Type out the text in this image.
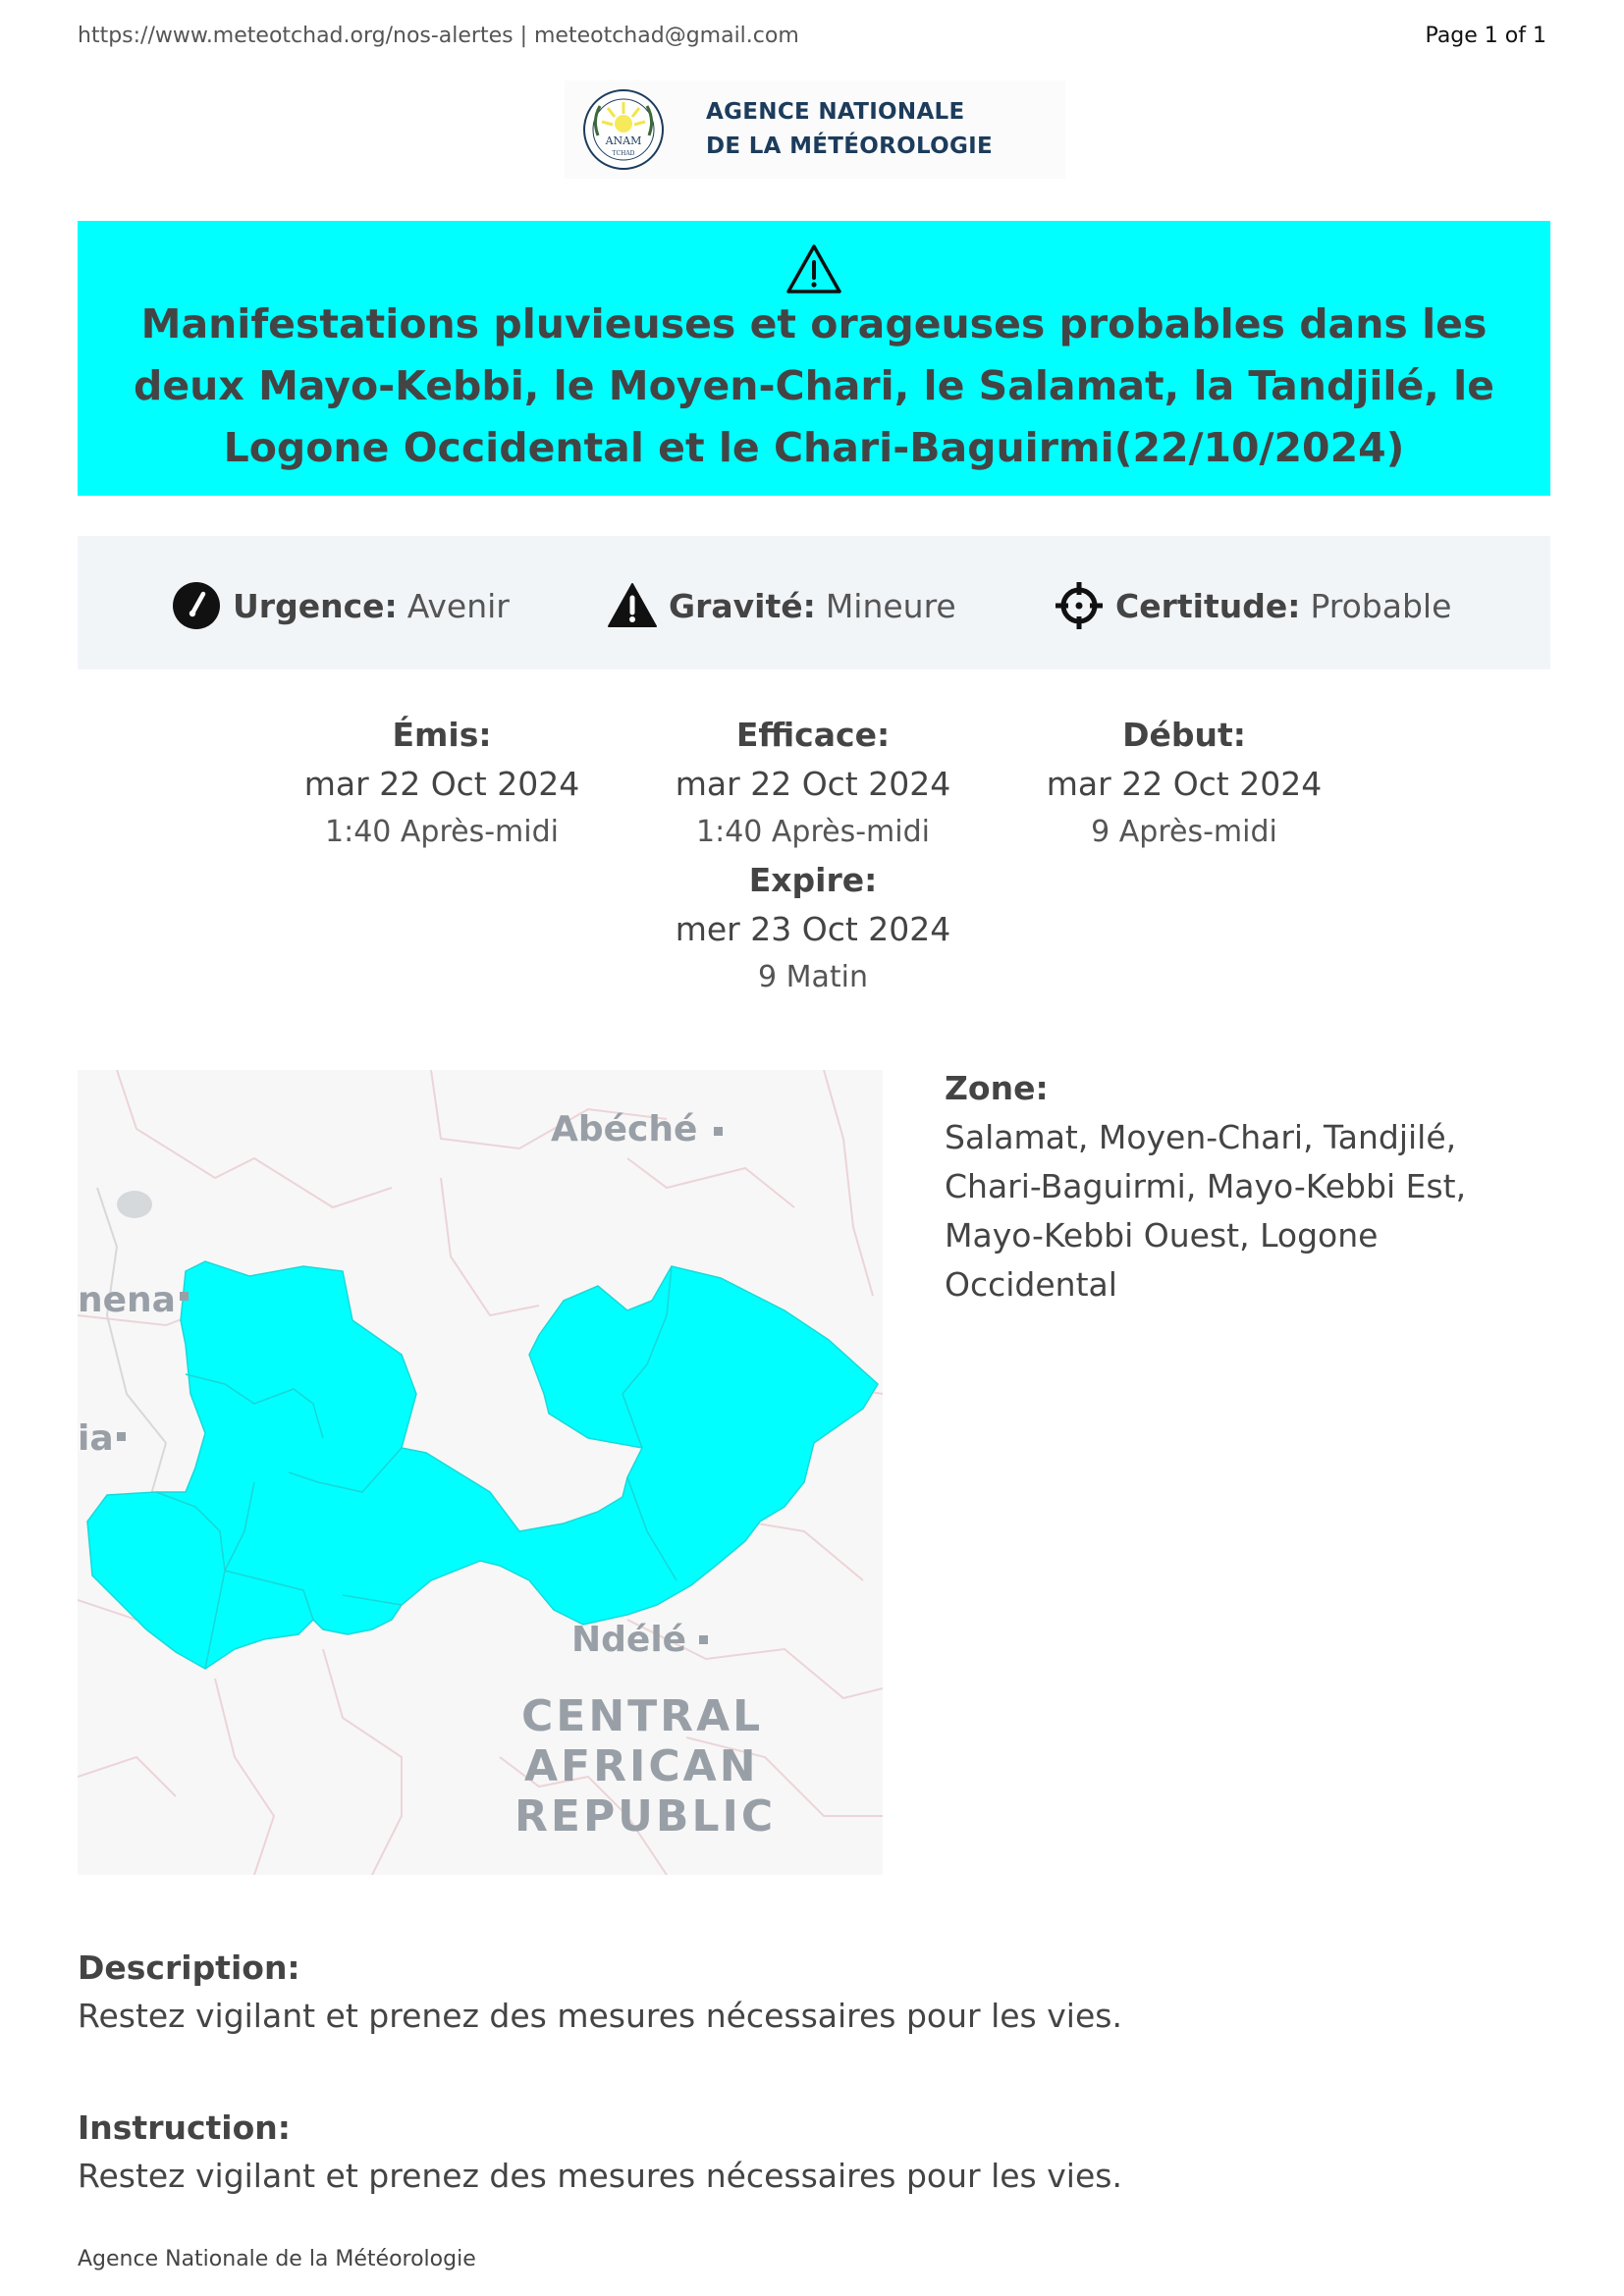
https://www.meteotchad.org/nos-alertes | meteotchad@gmail.com	Page 1 of 1
ANAM
TCHAD
AGENCE NATIONALE
DE LA MÉTÉOROLOGIE
Manifestations pluvieuses et orageuses probables dans les deux Mayo-Kebbi, le Moyen-Chari, le Salamat, la Tandjilé, le Logone Occidental et le Chari-Baguirmi(22/10/2024)
Urgence: Avenir	Gravité: Mineure	Certitude: Probable
Émis:
mar 22 Oct 2024
1:40 Après-midi
Efficace:
mar 22 Oct 2024
1:40 Après-midi
Expire:
mer 23 Oct 2024
9 Matin
Début:
mar 22 Oct 2024
9 Après-midi
Abéché
nena
ia
Ndélé
CENTRAL
AFRICAN
REPUBLIC
Zone:
Salamat, Moyen-Chari, Tandjilé, Chari-Baguirmi, Mayo-Kebbi Est, Mayo-Kebbi Ouest, Logone Occidental
Description:
Restez vigilant et prenez des mesures nécessaires pour les vies.
Instruction:
Restez vigilant et prenez des mesures nécessaires pour les vies.
Agence Nationale de la Météorologie
